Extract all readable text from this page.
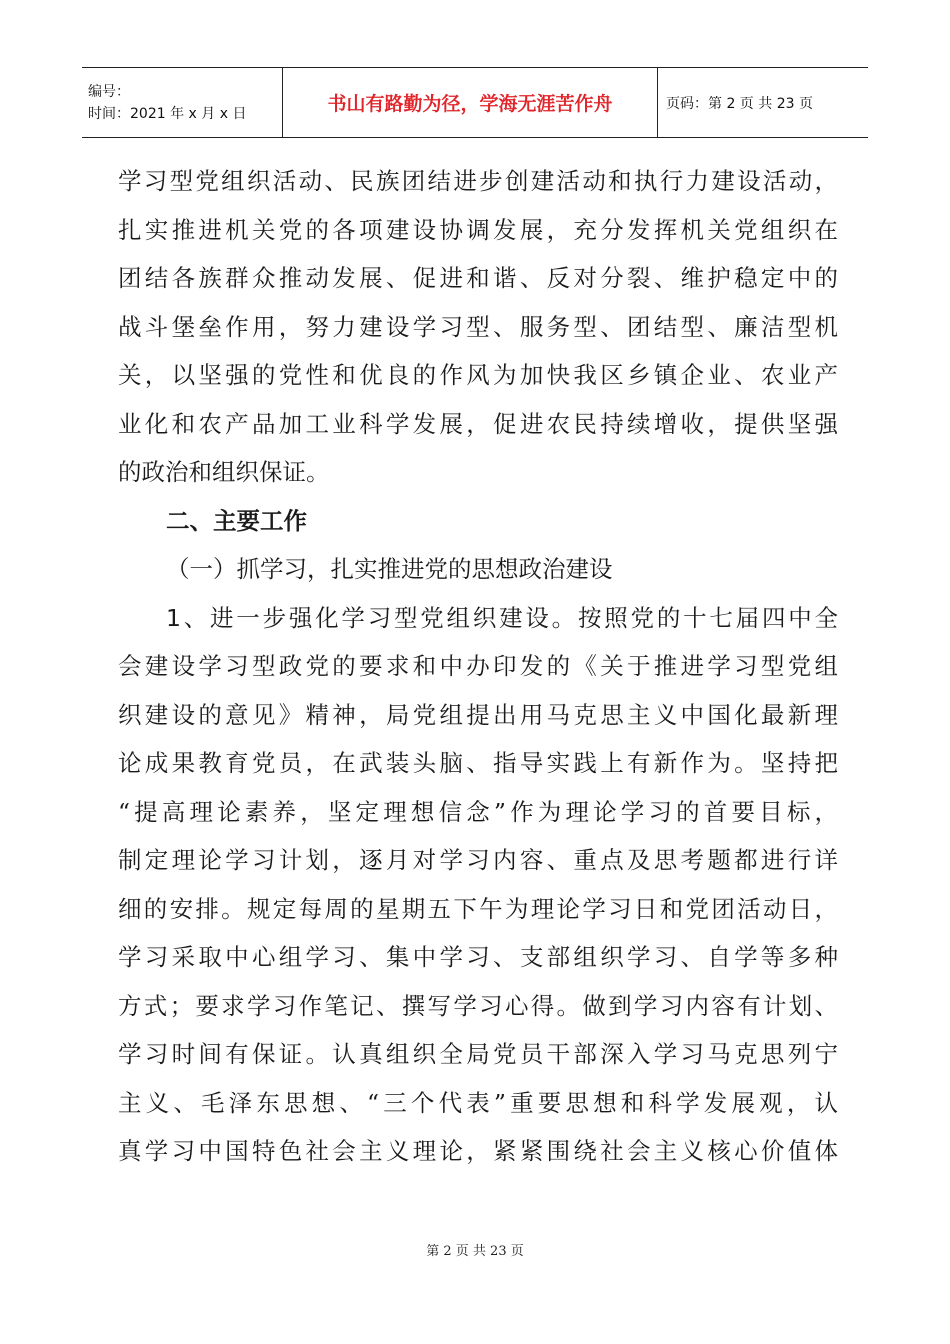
编号：
时间：2021 年 x 月 x 日	书山有路勤为径，学海无涯苦作舟	页码：第 2 页 共 23 页
学习型党组织活动、民族团结进步创建活动和执行力建设活动，
扎实推进机关党的各项建设协调发展，充分发挥机关党组织在
团结各族群众推动发展、促进和谐、反对分裂、维护稳定中的
战斗堡垒作用，努力建设学习型、服务型、团结型、廉洁型机
关，以坚强的党性和优良的作风为加快我区乡镇企业、农业产
业化和农产品加工业科学发展，促进农民持续增收，提供坚强
的政治和组织保证。
二、主要工作
（一）抓学习，扎实推进党的思想政治建设
1、进一步强化学习型党组织建设。按照党的十七届四中全
会建设学习型政党的要求和中办印发的《关于推进学习型党组
织建设的意见》精神，局党组提出用马克思主义中国化最新理
论成果教育党员，在武装头脑、指导实践上有新作为。坚持把
“提高理论素养，坚定理想信念”作为理论学习的首要目标，
制定理论学习计划，逐月对学习内容、重点及思考题都进行详
细的安排。规定每周的星期五下午为理论学习日和党团活动日，
学习采取中心组学习、集中学习、支部组织学习、自学等多种
方式；要求学习作笔记、撰写学习心得。做到学习内容有计划、
学习时间有保证。认真组织全局党员干部深入学习马克思列宁
主义、毛泽东思想、“三个代表”重要思想和科学发展观，认
真学习中国特色社会主义理论，紧紧围绕社会主义核心价值体
第 2 页 共 23 页
